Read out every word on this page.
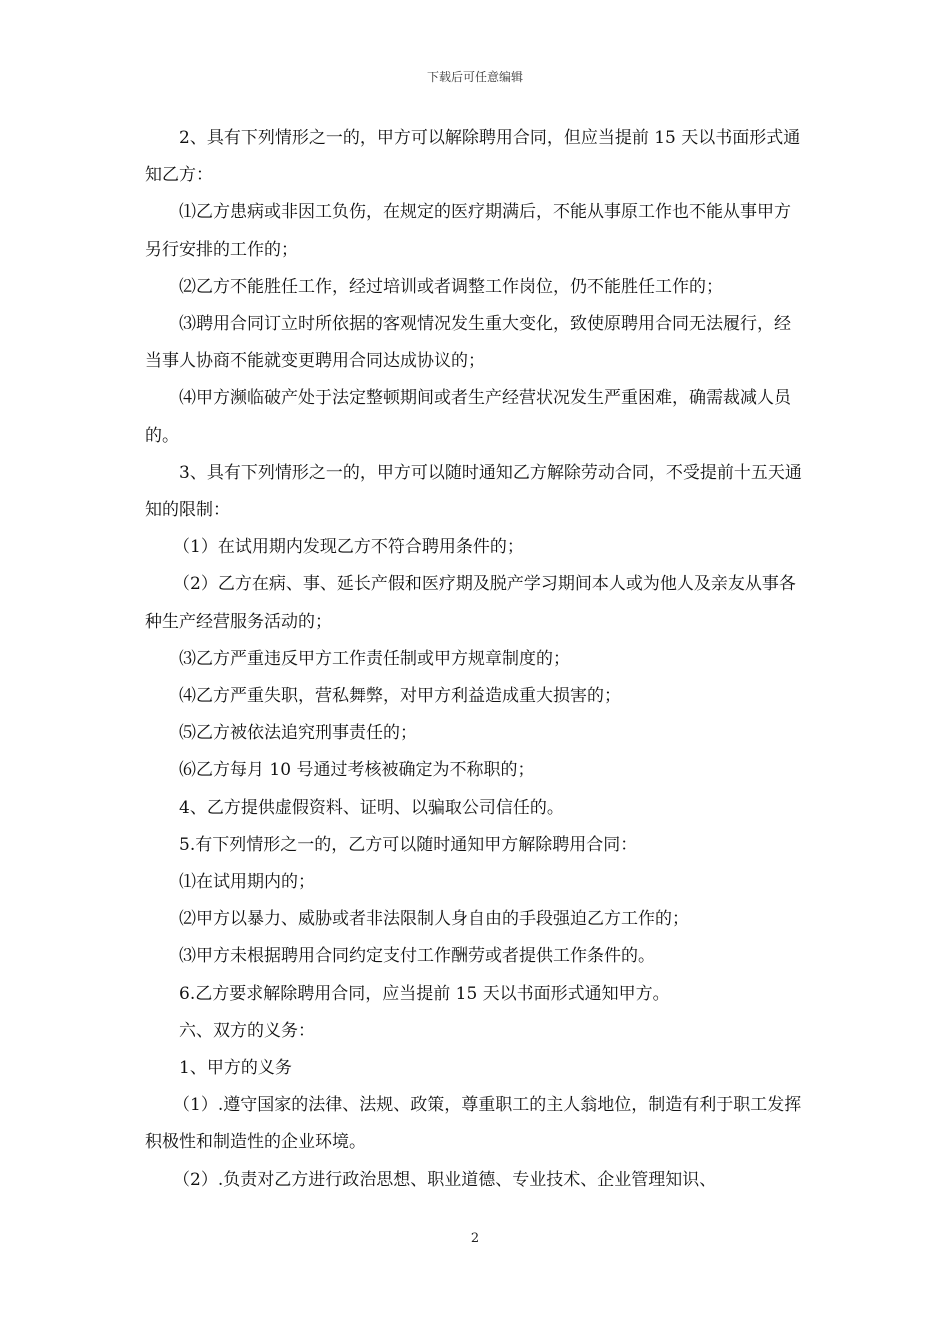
下载后可任意编辑

2、具有下列情形之一的，甲方可以解除聘用合同，但应当提前 15 天以书面形式通知乙方：

⑴乙方患病或非因工负伤，在规定的医疗期满后，不能从事原工作也不能从事甲方另行安排的工作的；

⑵乙方不能胜任工作，经过培训或者调整工作岗位，仍不能胜任工作的；

⑶聘用合同订立时所依据的客观情况发生重大变化，致使原聘用合同无法履行，经当事人协商不能就变更聘用合同达成协议的；

⑷甲方濒临破产处于法定整顿期间或者生产经营状况发生严重困难，确需裁减人员的。

3、具有下列情形之一的，甲方可以随时通知乙方解除劳动合同，不受提前十五天通知的限制：

（1）在试用期内发现乙方不符合聘用条件的；

（2）乙方在病、事、延长产假和医疗期及脱产学习期间本人或为他人及亲友从事各种生产经营服务活动的；

⑶乙方严重违反甲方工作责任制或甲方规章制度的；

⑷乙方严重失职，营私舞弊，对甲方利益造成重大损害的；

⑸乙方被依法追究刑事责任的；

⑹乙方每月 10 号通过考核被确定为不称职的；

4、乙方提供虚假资料、证明、以骗取公司信任的。

5.有下列情形之一的，乙方可以随时通知甲方解除聘用合同：

⑴在试用期内的；

⑵甲方以暴力、威胁或者非法限制人身自由的手段强迫乙方工作的；

⑶甲方未根据聘用合同约定支付工作酬劳或者提供工作条件的。

6.乙方要求解除聘用合同，应当提前 15 天以书面形式通知甲方。

六、双方的义务：

1、甲方的义务

（1）.遵守国家的法律、法规、政策，尊重职工的主人翁地位，制造有利于职工发挥积极性和制造性的企业环境。

（2）.负责对乙方进行政治思想、职业道德、专业技术、企业管理知识、

2
